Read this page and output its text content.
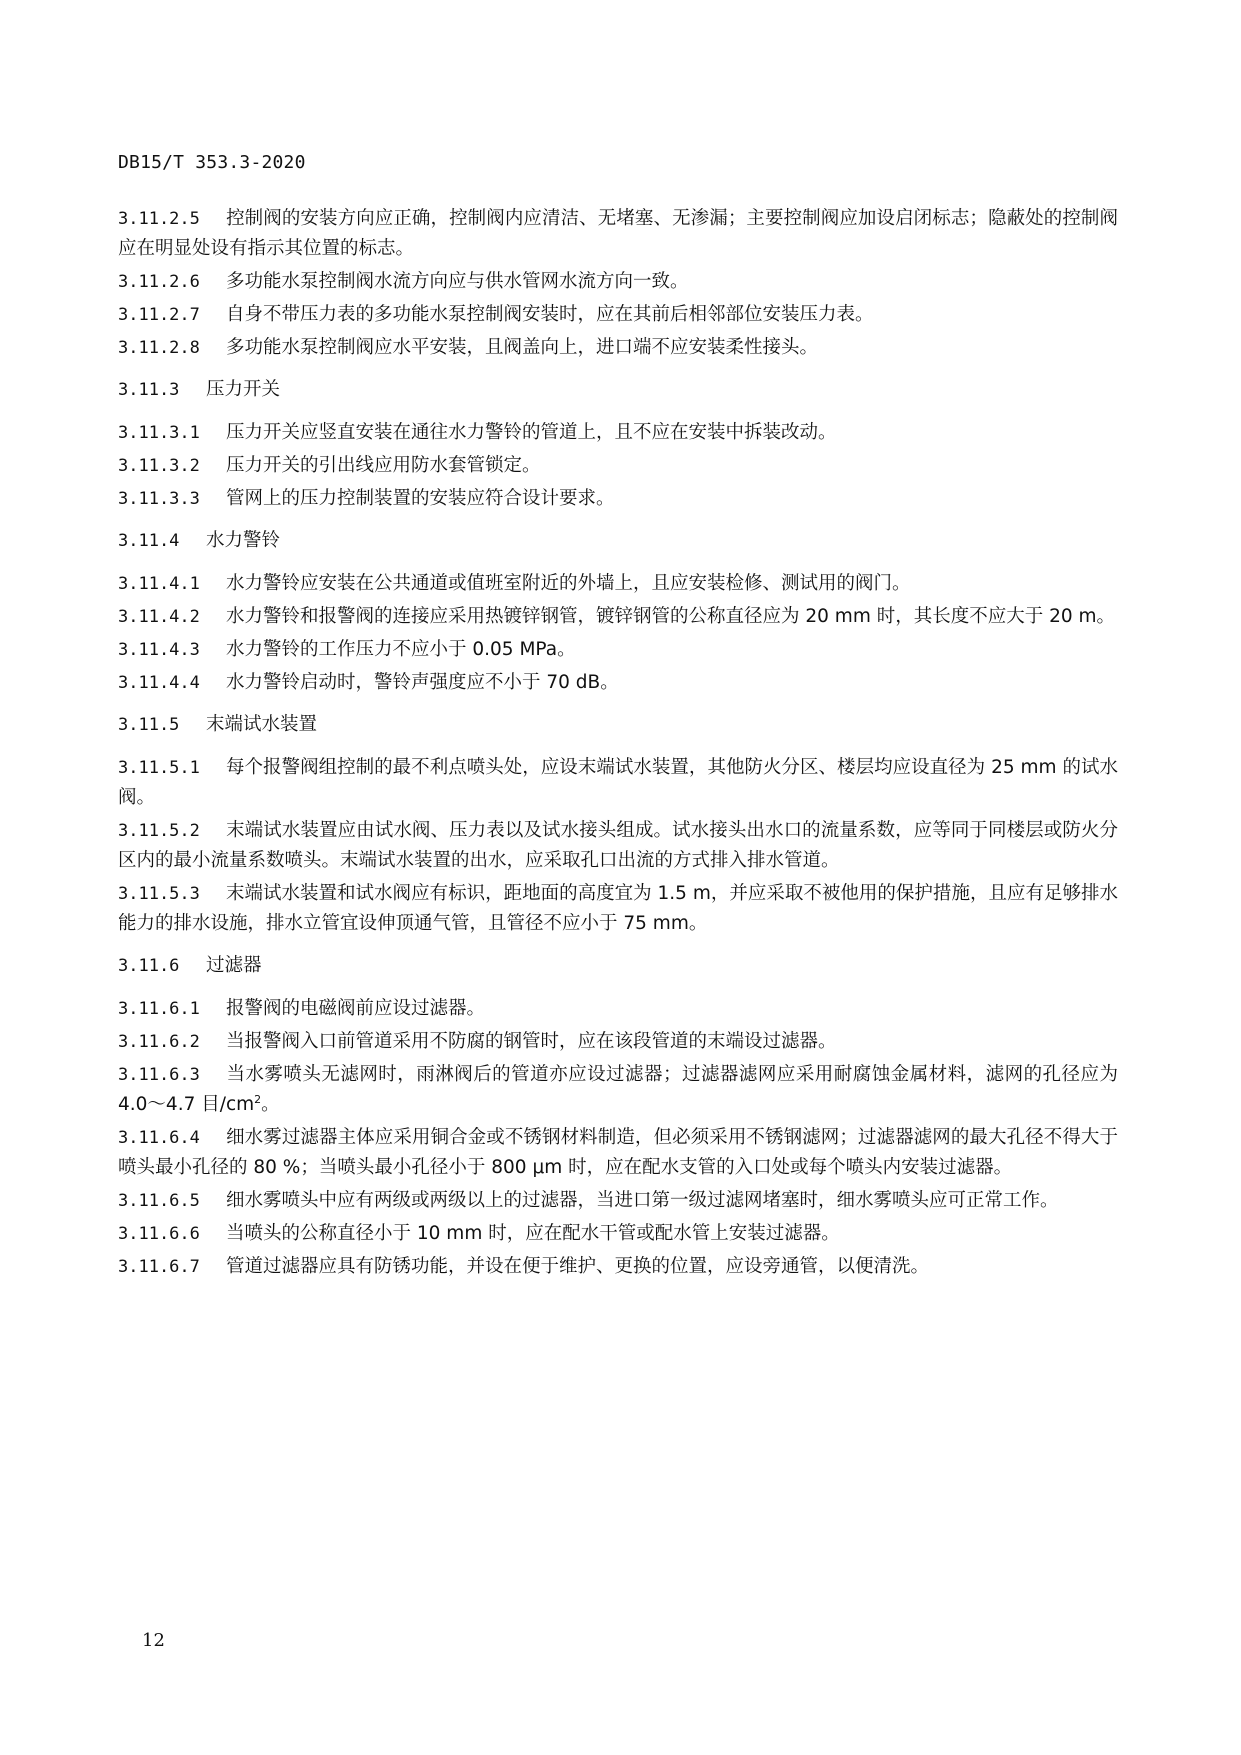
DB15/T 353.3-2020

3.11.2.5 控制阀的安装方向应正确，控制阀内应清洁、无堵塞、无渗漏；主要控制阀应加设启闭标志；隐蔽处的控制阀应在明显处设有指示其位置的标志。

3.11.2.6 多功能水泵控制阀水流方向应与供水管网水流方向一致。

3.11.2.7 自身不带压力表的多功能水泵控制阀安装时，应在其前后相邻部位安装压力表。

3.11.2.8 多功能水泵控制阀应水平安装，且阀盖向上，进口端不应安装柔性接头。

3.11.3 压力开关

3.11.3.1 压力开关应竖直安装在通往水力警铃的管道上，且不应在安装中拆装改动。

3.11.3.2 压力开关的引出线应用防水套管锁定。

3.11.3.3 管网上的压力控制装置的安装应符合设计要求。

3.11.4 水力警铃

3.11.4.1 水力警铃应安装在公共通道或值班室附近的外墙上，且应安装检修、测试用的阀门。

3.11.4.2 水力警铃和报警阀的连接应采用热镀锌钢管，镀锌钢管的公称直径应为 20 mm 时，其长度不应大于 20 m。

3.11.4.3 水力警铃的工作压力不应小于 0.05 MPa。

3.11.4.4 水力警铃启动时，警铃声强度应不小于 70 dB。

3.11.5 末端试水装置

3.11.5.1 每个报警阀组控制的最不利点喷头处，应设末端试水装置，其他防火分区、楼层均应设直径为 25 mm 的试水阀。

3.11.5.2 末端试水装置应由试水阀、压力表以及试水接头组成。试水接头出水口的流量系数，应等同于同楼层或防火分区内的最小流量系数喷头。末端试水装置的出水，应采取孔口出流的方式排入排水管道。

3.11.5.3 末端试水装置和试水阀应有标识，距地面的高度宜为 1.5 m，并应采取不被他用的保护措施，且应有足够排水能力的排水设施，排水立管宜设伸顶通气管，且管径不应小于 75 mm。

3.11.6 过滤器

3.11.6.1 报警阀的电磁阀前应设过滤器。

3.11.6.2 当报警阀入口前管道采用不防腐的钢管时，应在该段管道的末端设过滤器。

3.11.6.3 当水雾喷头无滤网时，雨淋阀后的管道亦应设过滤器；过滤器滤网应采用耐腐蚀金属材料，滤网的孔径应为 4.0～4.7 目$/cm^2$。

3.11.6.4 细水雾过滤器主体应采用铜合金或不锈钢材料制造，但必须采用不锈钢滤网；过滤器滤网的最大孔径不得大于喷头最小孔径的 80 %；当喷头最小孔径小于 800 μm 时，应在配水支管的入口处或每个喷头内安装过滤器。

3.11.6.5 细水雾喷头中应有两级或两级以上的过滤器，当进口第一级过滤网堵塞时，细水雾喷头应可正常工作。

3.11.6.6 当喷头的公称直径小于 10 mm 时，应在配水干管或配水管上安装过滤器。

3.11.6.7 管道过滤器应具有防锈功能，并设在便于维护、更换的位置，应设旁通管，以便清洗。

12
